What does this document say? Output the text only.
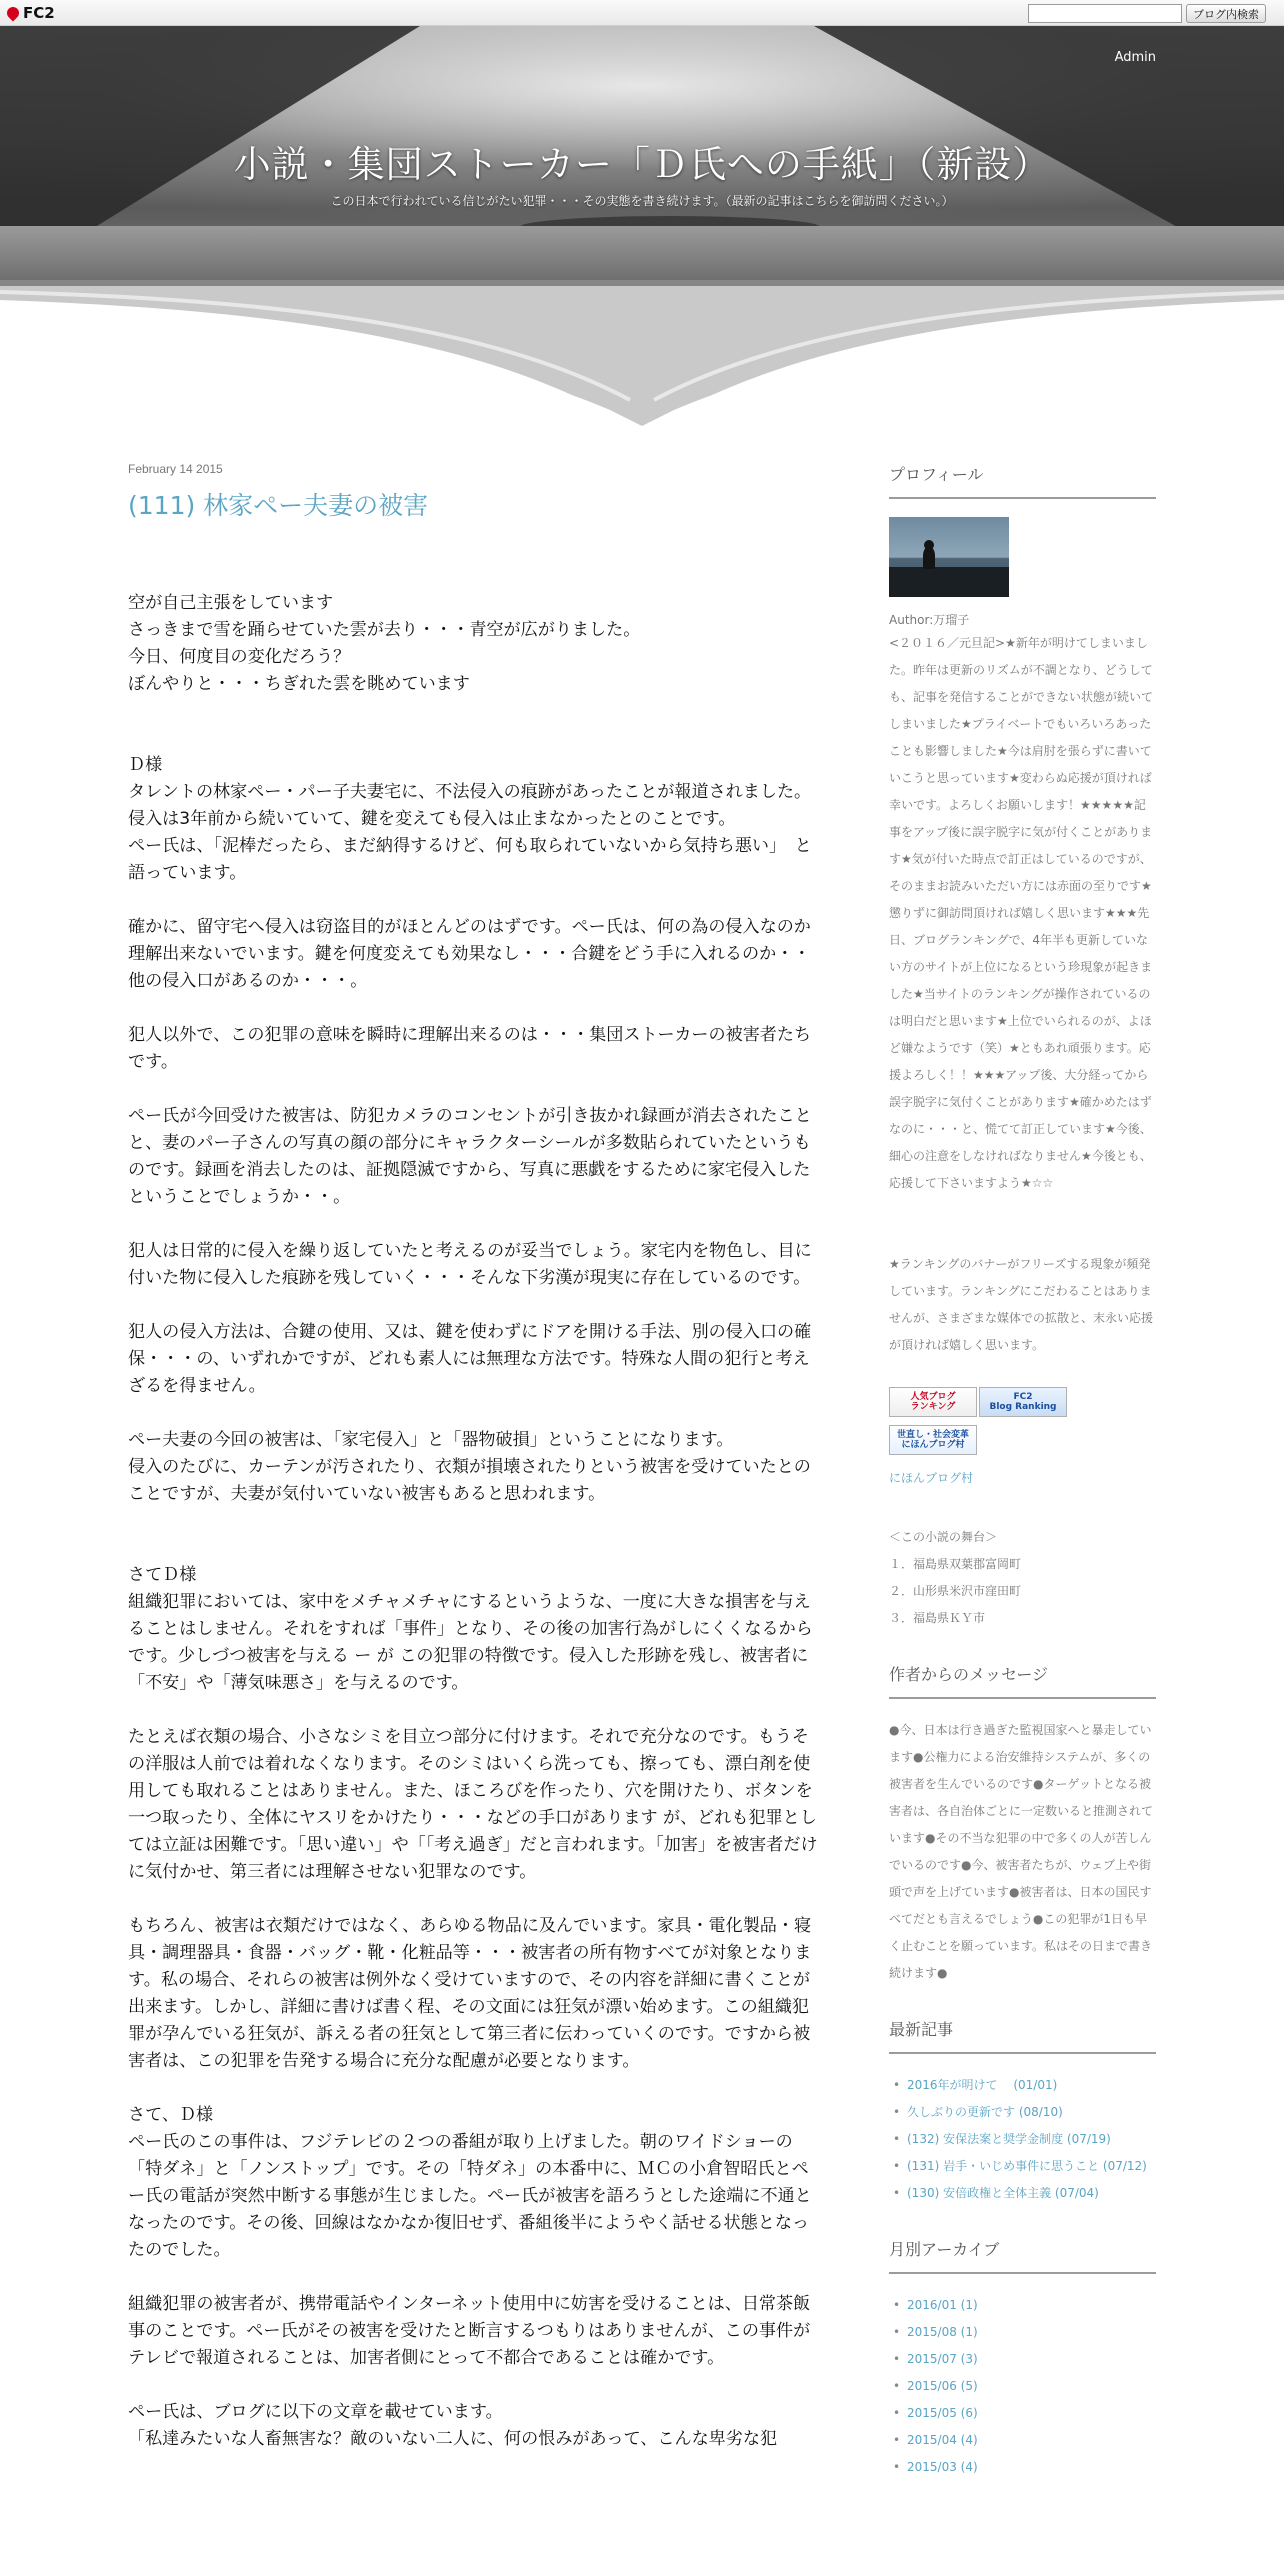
FC2	ブログ内検索
Admin
小説・集団ストーカー「Ｄ氏への手紙」（新設）
この日本で行われている信じがたい犯罪・・・その実態を書き続けます。（最新の記事はこちらを御訪問ください。）
February 14 2015
(111) 林家ペー夫妻の被害

空が自己主張をしています
さっきまで雪を踊らせていた雲が去り・・・青空が広がりました。
今日、何度目の変化だろう？
ぼんやりと・・・ちぎれた雲を眺めています

Ｄ様
タレントの林家ペー・パー子夫妻宅に、不法侵入の痕跡があったことが報道されました。
侵入は3年前から続いていて、鍵を変えても侵入は止まなかったとのことです。
ペー氏は、「泥棒だったら、まだ納得するけど、何も取られていないから気持ち悪い」　と語っています。

確かに、留守宅へ侵入は窃盗目的がほとんどのはずです。ペー氏は、何の為の侵入なのか理解出来ないでいます。鍵を何度変えても効果なし・・・合鍵をどう手に入れるのか・・他の侵入口があるのか・・・。

犯人以外で、この犯罪の意味を瞬時に理解出来るのは・・・集団ストーカーの被害者たちです。

ペー氏が今回受けた被害は、防犯カメラのコンセントが引き抜かれ録画が消去されたことと、妻のパー子さんの写真の顔の部分にキャラクターシールが多数貼られていたというものです。録画を消去したのは、証拠隠滅ですから、写真に悪戯をするために家宅侵入したということでしょうか・・。

犯人は日常的に侵入を繰り返していたと考えるのが妥当でしょう。家宅内を物色し、目に付いた物に侵入した痕跡を残していく・・・そんな下劣漢が現実に存在しているのです。

犯人の侵入方法は、合鍵の使用、又は、鍵を使わずにドアを開ける手法、別の侵入口の確保・・・の、いずれかですが、どれも素人には無理な方法です。特殊な人間の犯行と考えざるを得ません。

ペー夫妻の今回の被害は、「家宅侵入」と「器物破損」ということになります。
侵入のたびに、カーテンが汚されたり、衣類が損壊されたりという被害を受けていたとのことですが、夫妻が気付いていない被害もあると思われます。

さてＤ様
組織犯罪においては、家中をメチャメチャにするというような、一度に大きな損害を与えることはしません。それをすれば「事件」となり、その後の加害行為がしにくくなるからです。少しづつ被害を与える ー が この犯罪の特徴です。侵入した形跡を残し、被害者に「不安」や「薄気味悪さ」を与えるのです。

たとえば衣類の場合、小さなシミを目立つ部分に付けます。それで充分なのです。もうその洋服は人前では着れなくなります。そのシミはいくら洗っても、擦っても、漂白剤を使用しても取れることはありません。また、ほころびを作ったり、穴を開けたり、ボタンを一つ取ったり、全体にヤスリをかけたり・・・などの手口があります が、どれも犯罪としては立証は困難です。「思い違い」や「「考え過ぎ」だと言われます。「加害」を被害者だけに気付かせ、第三者には理解させない犯罪なのです。

もちろん、被害は衣類だけではなく、あらゆる物品に及んでいます。家具・電化製品・寝具・調理器具・食器・バッグ・靴・化粧品等・・・被害者の所有物すべてが対象となります。私の場合、それらの被害は例外なく受けていますので、その内容を詳細に書くことが出来ます。しかし、詳細に書けば書く程、その文面には狂気が漂い始めます。この組織犯罪が孕んでいる狂気が、訴える者の狂気として第三者に伝わっていくのです。ですから被害者は、この犯罪を告発する場合に充分な配慮が必要となります。

さて、Ｄ様
ペー氏のこの事件は、フジテレビの２つの番組が取り上げました。朝のワイドショーの「特ダネ」と「ノンストップ」です。その「特ダネ」の本番中に、ＭＣの小倉智昭氏とペー氏の電話が突然中断する事態が生じました。ペー氏が被害を語ろうとした途端に不通となったのです。その後、回線はなかなか復旧せず、番組後半にようやく話せる状態となったのでした。

組織犯罪の被害者が、携帯電話やインターネット使用中に妨害を受けることは、日常茶飯事のことです。ペー氏がその被害を受けたと断言するつもりはありませんが、この事件がテレビで報道されることは、加害者側にとって不都合であることは確かです。

ペー氏は、ブログに以下の文章を載せています。
「私達みたいな人畜無害な？敵のいない二人に、何の恨みがあって、こんな卑劣な犯

プロフィール
Author:万瑠子
<２０１６／元旦記>★新年が明けてしまいました。昨年は更新のリズムが不調となり、どうしても、記事を発信することができない状態が続いてしまいました★プライベートでもいろいろあったことも影響しました★今は肩肘を張らずに書いていこうと思っています★変わらぬ応援が頂ければ幸いです。よろしくお願いします！★★★★★記事をアップ後に誤字脱字に気が付くことがあります★気が付いた時点で訂正はしているのですが、そのままお読みいただい方には赤面の至りです★懲りずに御訪問頂ければ嬉しく思います★★★先日、ブログランキングで、4年半も更新していない方のサイトが上位になるという珍現象が起きました★当サイトのランキングが操作されているのは明白だと思います★上位でいられるのが、よほど嫌なようです（笑）★ともあれ頑張ります。応援よろしく！！★★★アップ後、大分経ってから誤字脱字に気付くことがあります★確かめたはずなのに・・・と、慌てて訂正しています★今後、細心の注意をしなければなりません★今後とも、応援して下さいますよう★☆☆
★ランキングのバナーがフリーズする現象が頻発しています。ランキングにこだわることはありませんが、さまざまな媒体での拡散と、末永い応援が頂ければ嬉しく思います。
人気ブログ
ランキング
FC2
Blog Ranking
世直し・社会変革
にほんブログ村
にほんブログ村
＜この小説の舞台＞
１．福島県双葉郡富岡町
２．山形県米沢市窪田町
３．福島県ＫＹ市
作者からのメッセージ
●今、日本は行き過ぎた監視国家へと暴走しています●公権力による治安維持システムが、多くの被害者を生んでいるのです●ターゲットとなる被害者は、各自治体ごとに一定数いると推測されています●その不当な犯罪の中で多くの人が苦しんでいるのです●今、被害者たちが、ウェブ上や街頭で声を上げています●被害者は、日本の国民すべてだとも言えるでしょう●この犯罪が1日も早く止むことを願っています。私はその日まで書き続けます●
最新記事
• 2016年が明けて　 (01/01)
• 久しぶりの更新です (08/10)
• (132) 安保法案と奨学金制度 (07/19)
• (131) 岩手・いじめ事件に思うこと (07/12)
• (130) 安倍政権と全体主義 (07/04)
月別アーカイブ
• 2016/01 (1)
• 2015/08 (1)
• 2015/07 (3)
• 2015/06 (5)
• 2015/05 (6)
• 2015/04 (4)
• 2015/03 (4)
